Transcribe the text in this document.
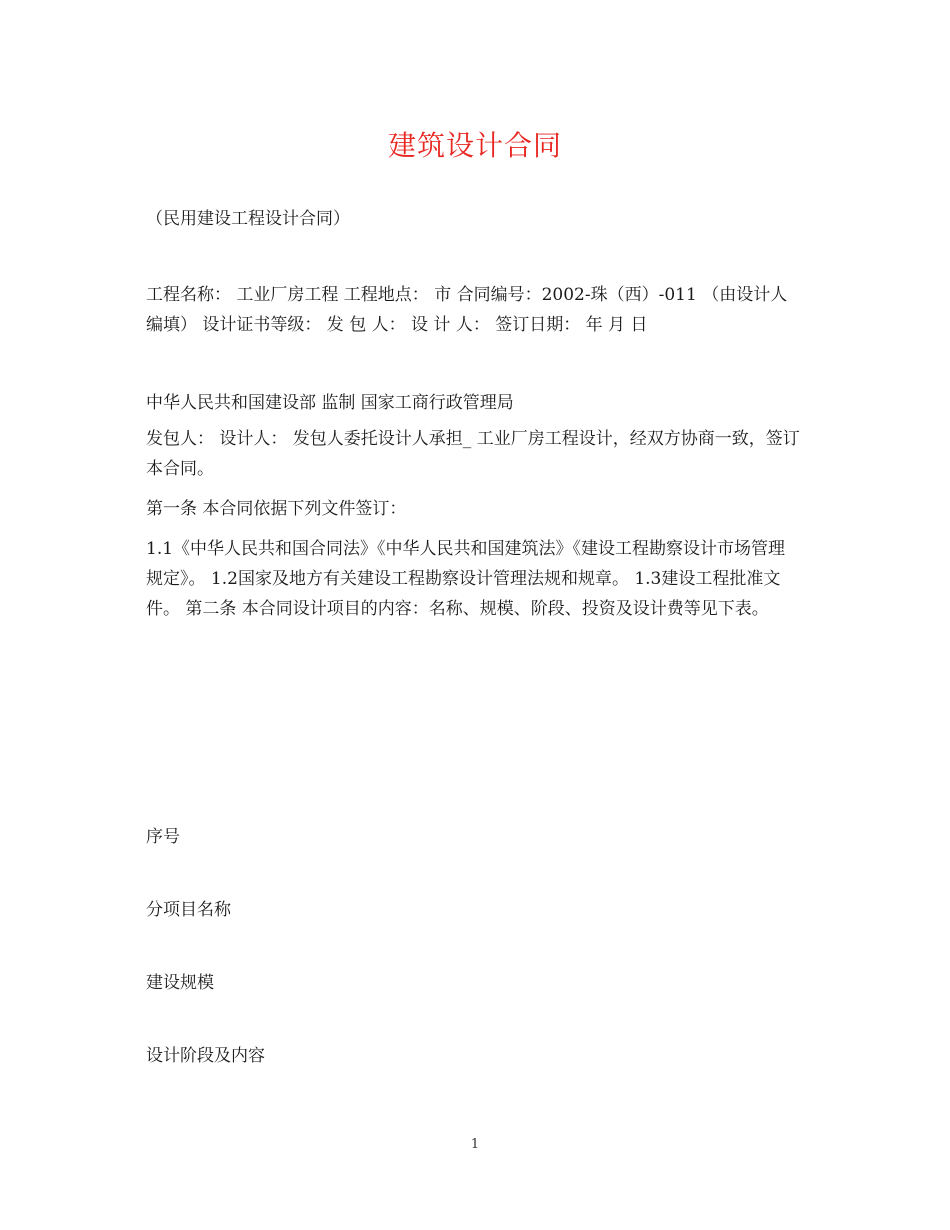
建筑设计合同

（民用建设工程设计合同）

工程名称： 工业厂房工程 工程地点： 市 合同编号：2002-珠（西）-011 （由设计人编填） 设计证书等级： 发 包 人： 设 计 人： 签订日期： 年 月 日

中华人民共和国建设部 监制 国家工商行政管理局

发包人： 设计人： 发包人委托设计人承担_ 工业厂房工程设计，经双方协商一致，签订本合同。

第一条 本合同依据下列文件签订：

1.1《中华人民共和国合同法》《中华人民共和国建筑法》《建设工程勘察设计市场管理规定》。 1.2国家及地方有关建设工程勘察设计管理法规和规章。 1.3建设工程批准文件。 第二条 本合同设计项目的内容：名称、规模、阶段、投资及设计费等见下表。

序号
分项目名称
建设规模
设计阶段及内容
1
